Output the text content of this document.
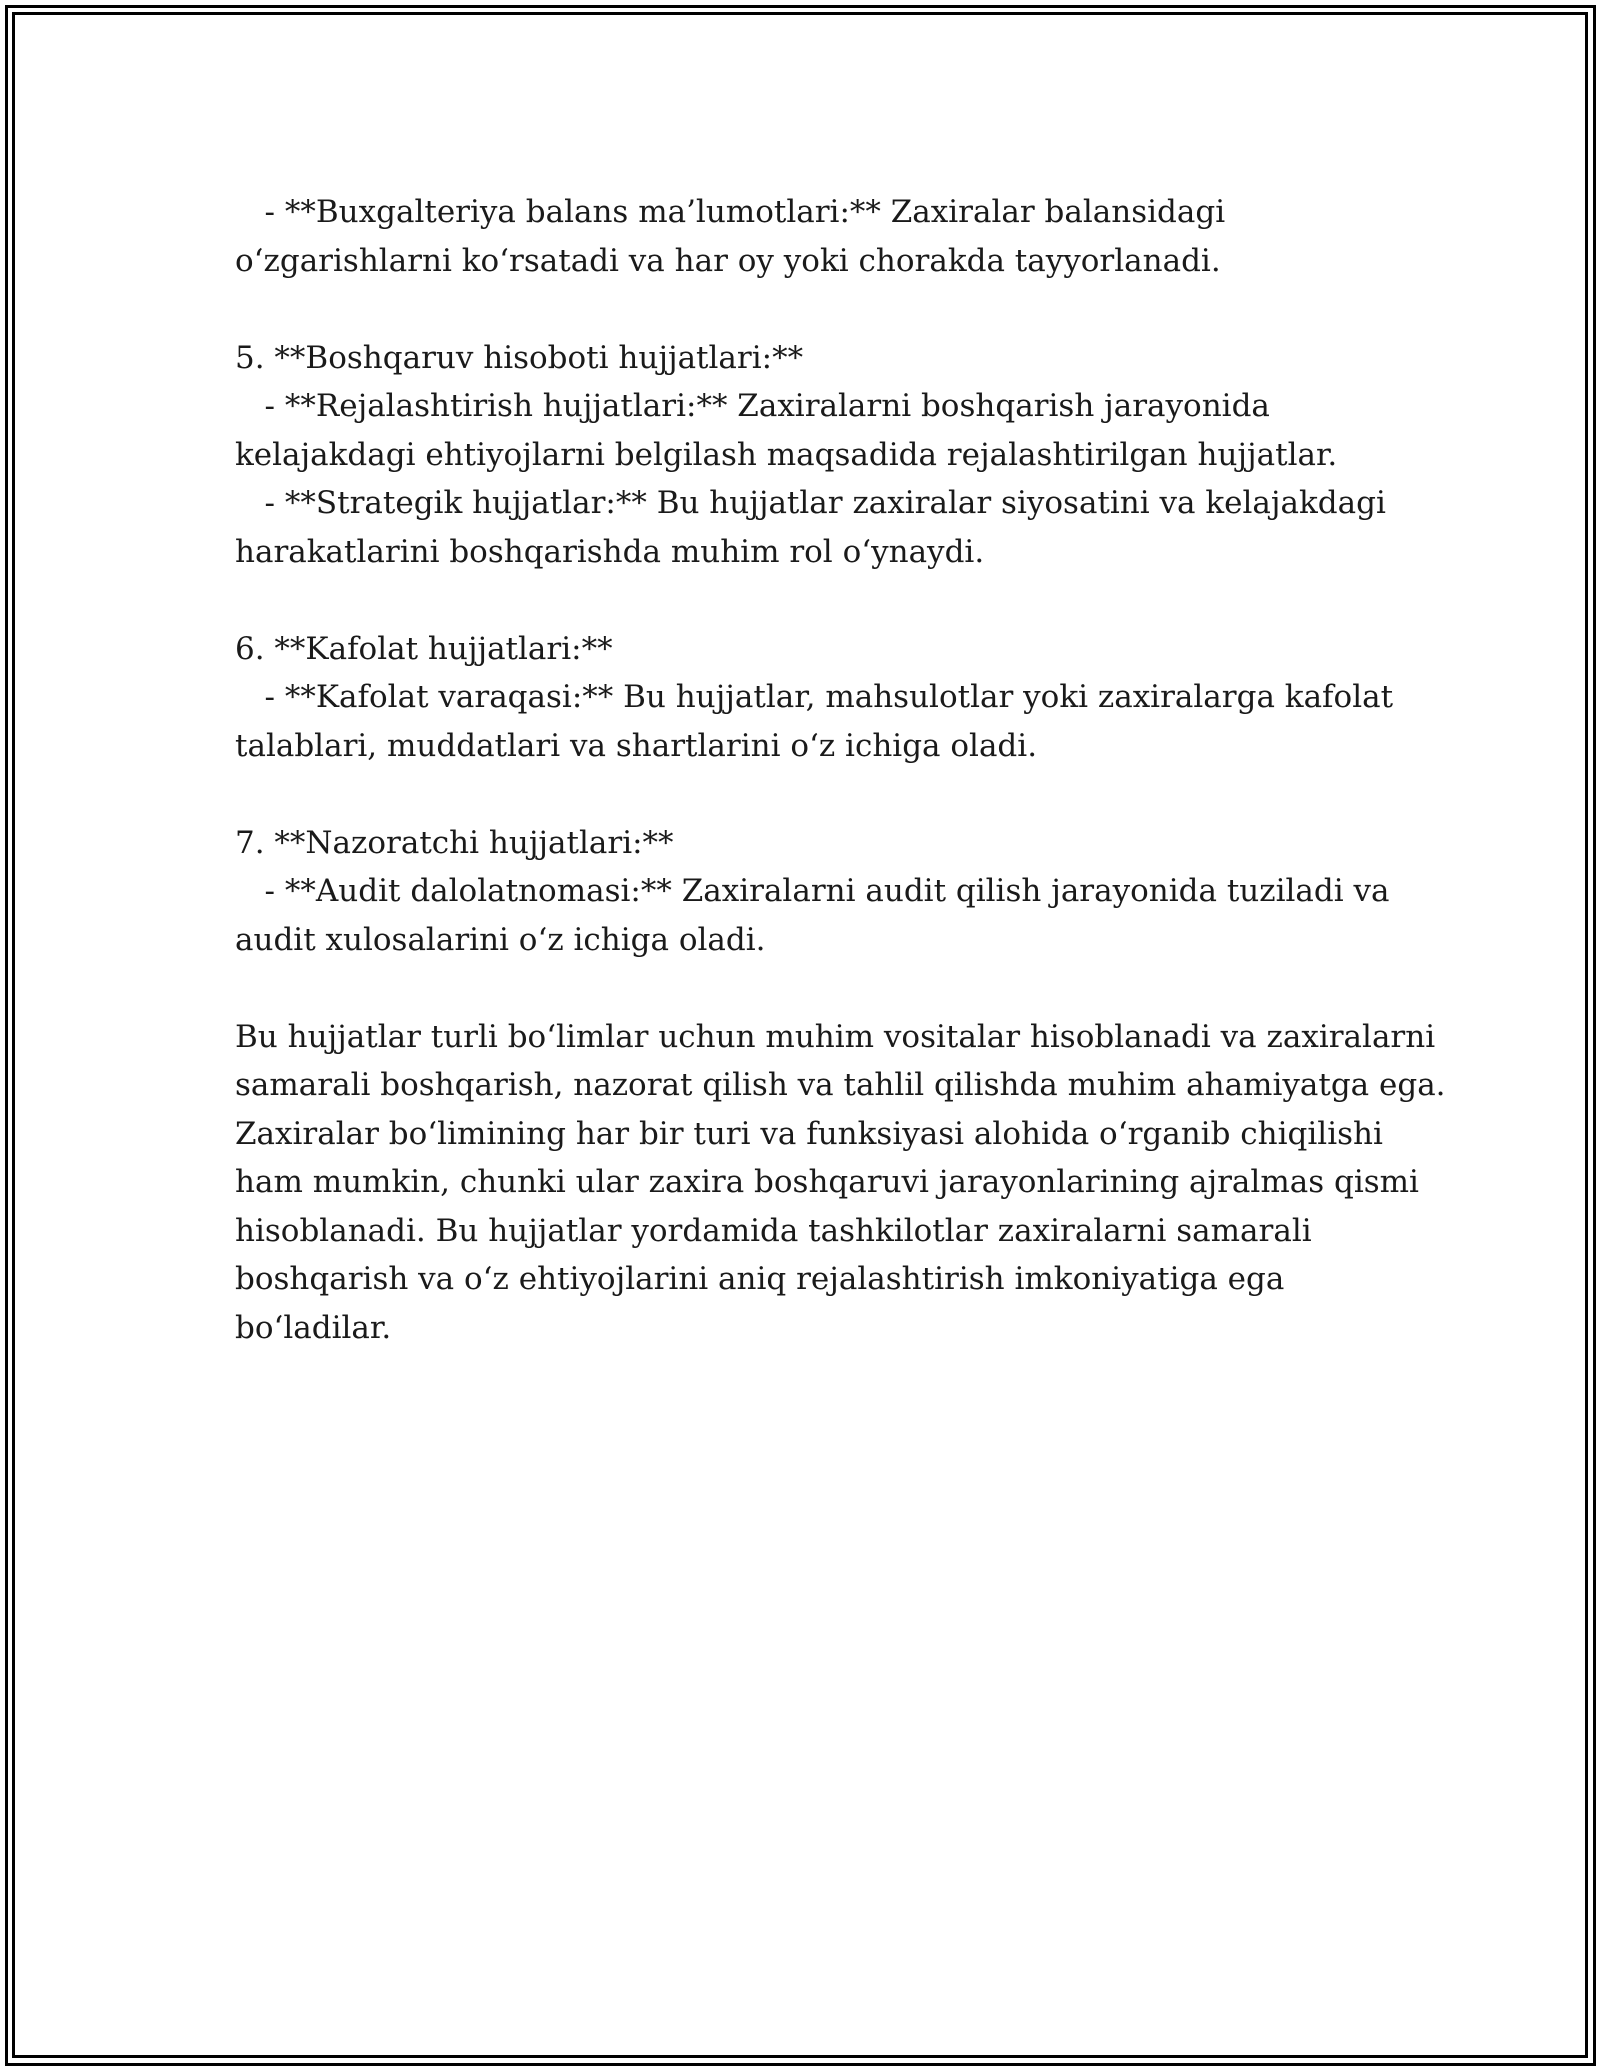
- **Buxgalteriya balans ma’lumotlari:** Zaxiralar balansidagi
o‘zgarishlarni ko‘rsatadi va har oy yoki chorakda tayyorlanadi.
5. **Boshqaruv hisoboti hujjatlari:**
- **Rejalashtirish hujjatlari:** Zaxiralarni boshqarish jarayonida
kelajakdagi ehtiyojlarni belgilash maqsadida rejalashtirilgan hujjatlar.
- **Strategik hujjatlar:** Bu hujjatlar zaxiralar siyosatini va kelajakdagi
harakatlarini boshqarishda muhim rol o‘ynaydi.
6. **Kafolat hujjatlari:**
- **Kafolat varaqasi:** Bu hujjatlar, mahsulotlar yoki zaxiralarga kafolat
talablari, muddatlari va shartlarini o‘z ichiga oladi.
7. **Nazoratchi hujjatlari:**
- **Audit dalolatnomasi:** Zaxiralarni audit qilish jarayonida tuziladi va
audit xulosalarini o‘z ichiga oladi.
Bu hujjatlar turli bo‘limlar uchun muhim vositalar hisoblanadi va zaxiralarni
samarali boshqarish, nazorat qilish va tahlil qilishda muhim ahamiyatga ega.
Zaxiralar bo‘limining har bir turi va funksiyasi alohida o‘rganib chiqilishi
ham mumkin, chunki ular zaxira boshqaruvi jarayonlarining ajralmas qismi
hisoblanadi. Bu hujjatlar yordamida tashkilotlar zaxiralarni samarali
boshqarish va o‘z ehtiyojlarini aniq rejalashtirish imkoniyatiga ega
bo‘ladilar.
